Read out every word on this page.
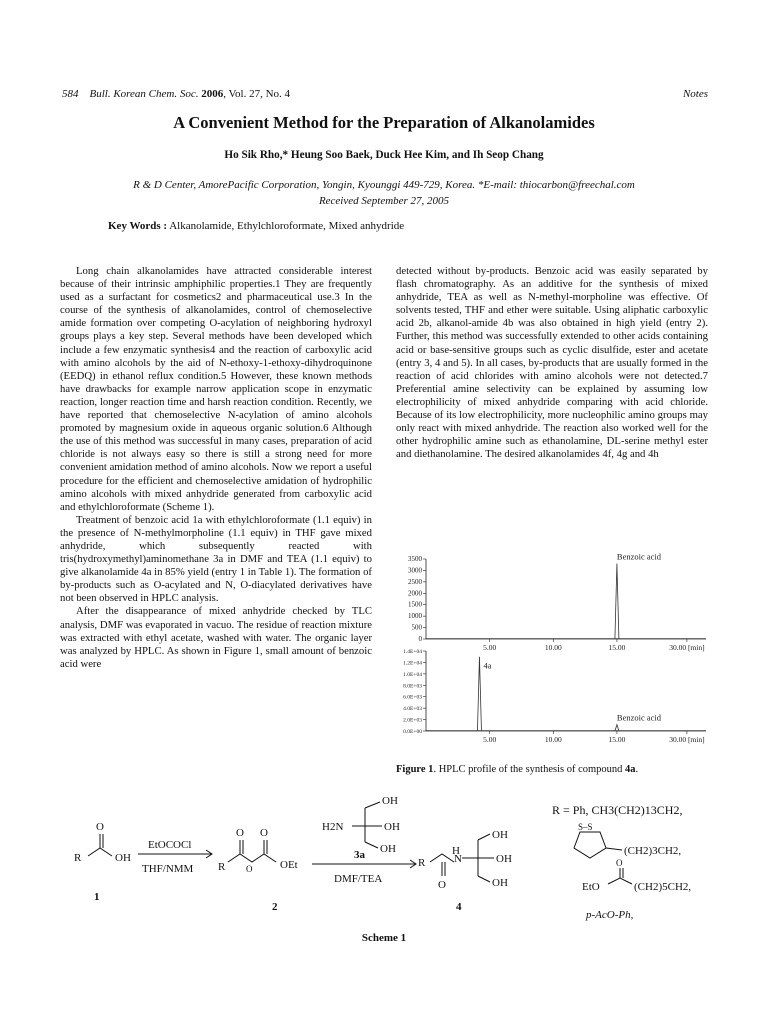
584 Bull. Korean Chem. Soc. 2006, Vol. 27, No. 4	Notes
A Convenient Method for the Preparation of Alkanolamides
Ho Sik Rho,* Heung Soo Baek, Duck Hee Kim, and Ih Seop Chang
R & D Center, AmorePacific Corporation, Yongin, Kyounggi 449-729, Korea. *E-mail: thiocarbon@freechal.com
Received September 27, 2005
Key Words : Alkanolamide, Ethylchloroformate, Mixed anhydride

Long chain alkanolamides have attracted considerable interest because of their intrinsic amphiphilic properties.1 They are frequently used as a surfactant for cosmetics2 and pharmaceutical use.3 In the course of the synthesis of alkanolamides, control of chemoselective amide formation over competing O-acylation of neighboring hydroxyl groups plays a key step. Several methods have been developed which include a few enzymatic synthesis4 and the reaction of carboxylic acid with amino alcohols by the aid of N-ethoxy-1-ethoxy-dihydroquinone (EEDQ) in ethanol reflux condition.5 However, these known methods have drawbacks for example narrow application scope in enzymatic reaction, longer reaction time and harsh reaction condition. Recently, we have reported that chemoselective N-acylation of amino alcohols promoted by magnesium oxide in aqueous organic solution.6 Although the use of this method was successful in many cases, preparation of acid chloride is not always easy so there is still a strong need for more convenient amidation method of amino alcohols. Now we report a useful procedure for the efficient and chemoselective amidation of hydrophilic amino alcohols with mixed anhydride generated from carboxylic acid and ethylchloroformate (Scheme 1).

Treatment of benzoic acid 1a with ethylchloroformate (1.1 equiv) in the presence of N-methylmorpholine (1.1 equiv) in THF gave mixed anhydride, which subsequently reacted with tris(hydroxymethyl)aminomethane 3a in DMF and TEA (1.1 equiv) to give alkanolamide 4a in 85% yield (entry 1 in Table 1). The formation of by-products such as O-acylated and N, O-diacylated derivatives have not been observed in HPLC analysis.

After the disappearance of mixed anhydride checked by TLC analysis, DMF was evaporated in vacuo. The residue of reaction mixture was extracted with ethyl acetate, washed with water. The organic layer was analyzed by HPLC. As shown in Figure 1, small amount of benzoic acid were

detected without by-products. Benzoic acid was easily separated by flash chromatography. As an additive for the synthesis of mixed anhydride, TEA as well as N-methyl-morpholine was effective. Of solvents tested, THF and ether were suitable. Using aliphatic carboxylic acid 2b, alkanol-amide 4b was also obtained in high yield (entry 2). Further, this method was successfully extended to other acids containing acid or base-sensitive groups such as cyclic disulfide, ester and acetate (entry 3, 4 and 5). In all cases, by-products that are usually formed in the reaction of acid chlorides with amino alcohols were not detected.7 Preferential amine selectivity can be explained by assuming low electrophilicity of mixed anhydride comparing with acid chloride. Because of its low electrophilicity, more nucleophilic amino groups may only react with mixed anhydride. The reaction also worked well for the other hydrophilic amine such as ethanolamine, DL-serine methyl ester and diethanolamine. The desired alkanolamides 4f, 4g and 4h

3500
3000
2500
2000
1500
1000
500
0
5.00	10.00	15.00	30.00 [min]
Benzoic acid
1.4E+04
1.2E+04
1.0E+04
8.0E+03
6.0E+03
4.0E+03
2.0E+03
0.0E+00
5.00	10.00	15.00	30.00 [min]
4a
Benzoic acid
Figure 1. HPLC profile of the synthesis of compound 4a.
O
R	OH
1
EtOCOCl
THF/NMM
O O
R O	OEt
2
H2N
OH
OH
OH
3a
DMF/TEA
R
H
N
O
OH
OH
OH
4
R = Ph, CH3(CH2)13CH2,
S–S
(CH2)3CH2,
O
EtO	(CH2)5CH2,
p-AcO-Ph,
Scheme 1
